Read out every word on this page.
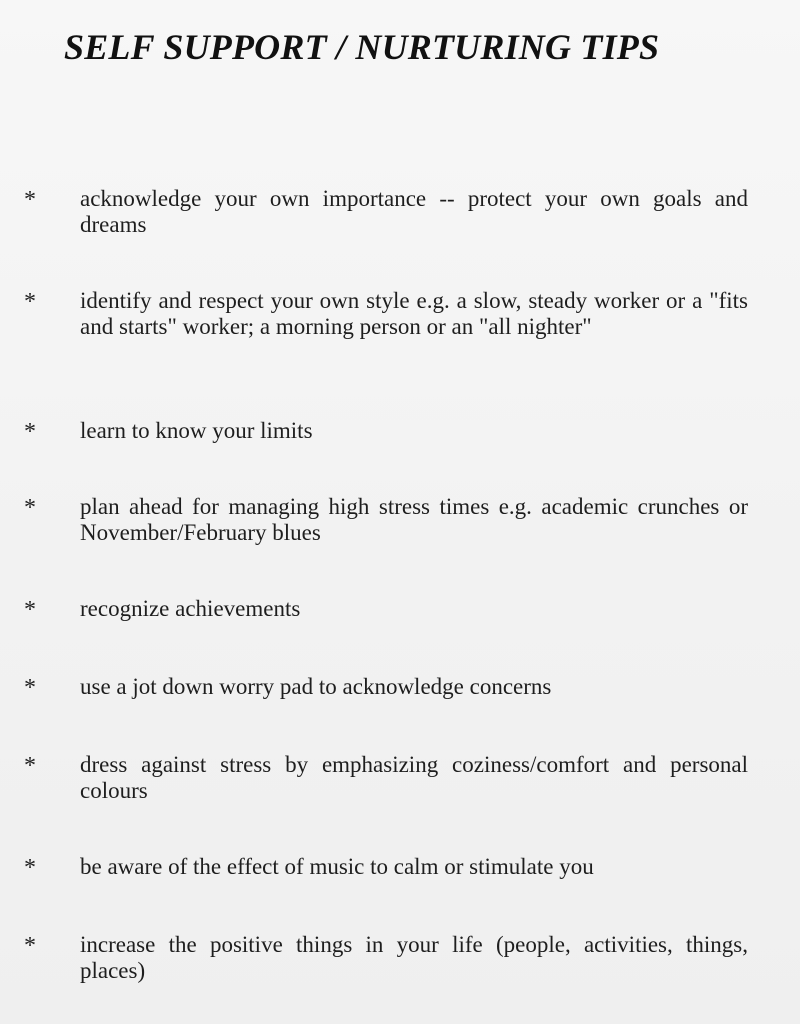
SELF SUPPORT / NURTURING TIPS
* acknowledge your own importance -- protect your own goals and dreams
* identify and respect your own style e.g. a slow, steady worker or a "fits and starts" worker; a morning person or an "all nighter"
* learn to know your limits
* plan ahead for managing high stress times e.g. academic crunches or November/February blues
* recognize achievements
* use a jot down worry pad to acknowledge concerns
* dress against stress by emphasizing coziness/comfort and personal colours
* be aware of the effect of music to calm or stimulate you
* increase the positive things in your life (people, activities, things, places)
